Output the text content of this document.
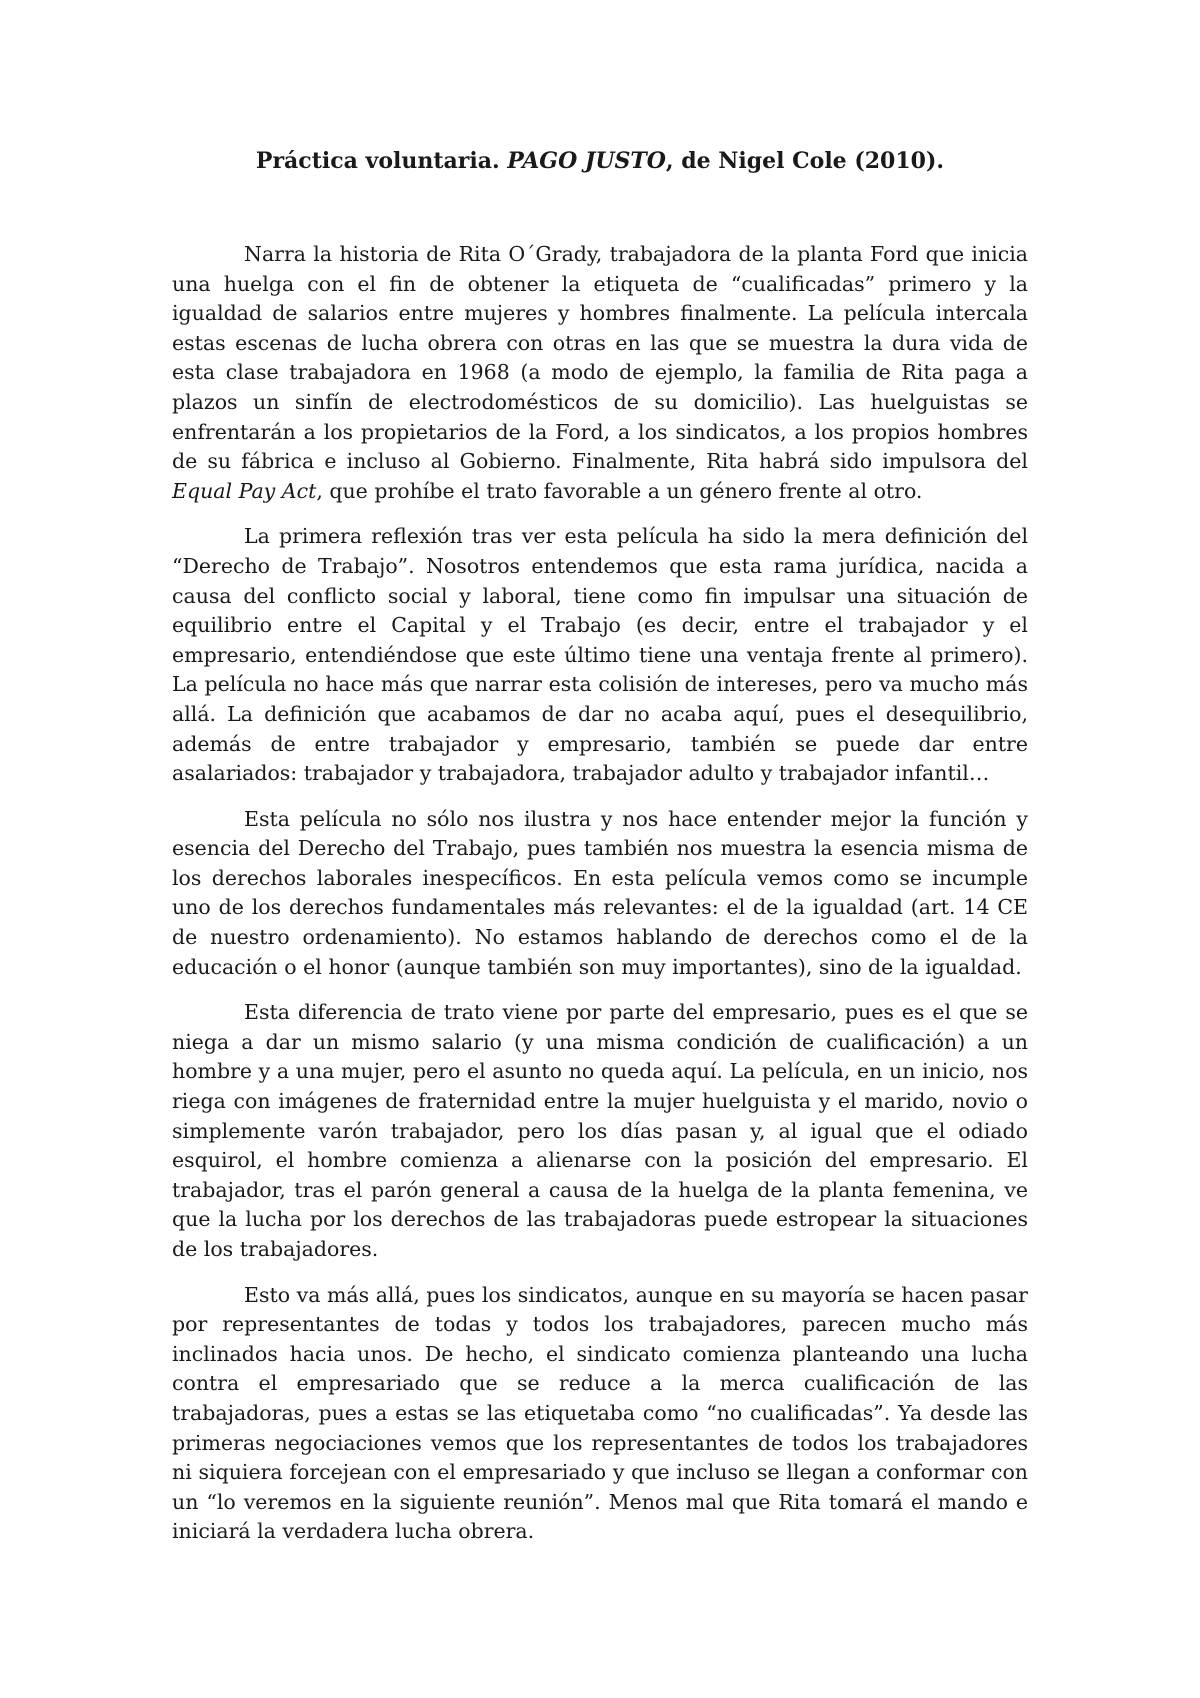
Práctica voluntaria. PAGO JUSTO, de Nigel Cole (2010).

Narra la historia de Rita O´Grady, trabajadora de la planta Ford que inicia una huelga con el fin de obtener la etiqueta de “cualificadas” primero y la igualdad de salarios entre mujeres y hombres finalmente. La película intercala estas escenas de lucha obrera con otras en las que se muestra la dura vida de esta clase trabajadora en 1968 (a modo de ejemplo, la familia de Rita paga a plazos un sinfín de electrodomésticos de su domicilio). Las huelguistas se enfrentarán a los propietarios de la Ford, a los sindicatos, a los propios hombres de su fábrica e incluso al Gobierno. Finalmente, Rita habrá sido impulsora del Equal Pay Act, que prohíbe el trato favorable a un género frente al otro.

La primera reflexión tras ver esta película ha sido la mera definición del “Derecho de Trabajo”. Nosotros entendemos que esta rama jurídica, nacida a causa del conflicto social y laboral, tiene como fin impulsar una situación de equilibrio entre el Capital y el Trabajo (es decir, entre el trabajador y el empresario, entendiéndose que este último tiene una ventaja frente al primero). La película no hace más que narrar esta colisión de intereses, pero va mucho más allá. La definición que acabamos de dar no acaba aquí, pues el desequilibrio, además de entre trabajador y empresario, también se puede dar entre asalariados: trabajador y trabajadora, trabajador adulto y trabajador infantil…

Esta película no sólo nos ilustra y nos hace entender mejor la función y esencia del Derecho del Trabajo, pues también nos muestra la esencia misma de los derechos laborales inespecíficos. En esta película vemos como se incumple uno de los derechos fundamentales más relevantes: el de la igualdad (art. 14 CE de nuestro ordenamiento). No estamos hablando de derechos como el de la educación o el honor (aunque también son muy importantes), sino de la igualdad.

Esta diferencia de trato viene por parte del empresario, pues es el que se niega a dar un mismo salario (y una misma condición de cualificación) a un hombre y a una mujer, pero el asunto no queda aquí. La película, en un inicio, nos riega con imágenes de fraternidad entre la mujer huelguista y el marido, novio o simplemente varón trabajador, pero los días pasan y, al igual que el odiado esquirol, el hombre comienza a alienarse con la posición del empresario. El trabajador, tras el parón general a causa de la huelga de la planta femenina, ve que la lucha por los derechos de las trabajadoras puede estropear la situaciones de los trabajadores.

Esto va más allá, pues los sindicatos, aunque en su mayoría se hacen pasar por representantes de todas y todos los trabajadores, parecen mucho más inclinados hacia unos. De hecho, el sindicato comienza planteando una lucha contra el empresariado que se reduce a la merca cualificación de las trabajadoras, pues a estas se las etiquetaba como “no cualificadas”. Ya desde las primeras negociaciones vemos que los representantes de todos los trabajadores ni siquiera forcejean con el empresariado y que incluso se llegan a conformar con un “lo veremos en la siguiente reunión”. Menos mal que Rita tomará el mando e iniciará la verdadera lucha obrera.
